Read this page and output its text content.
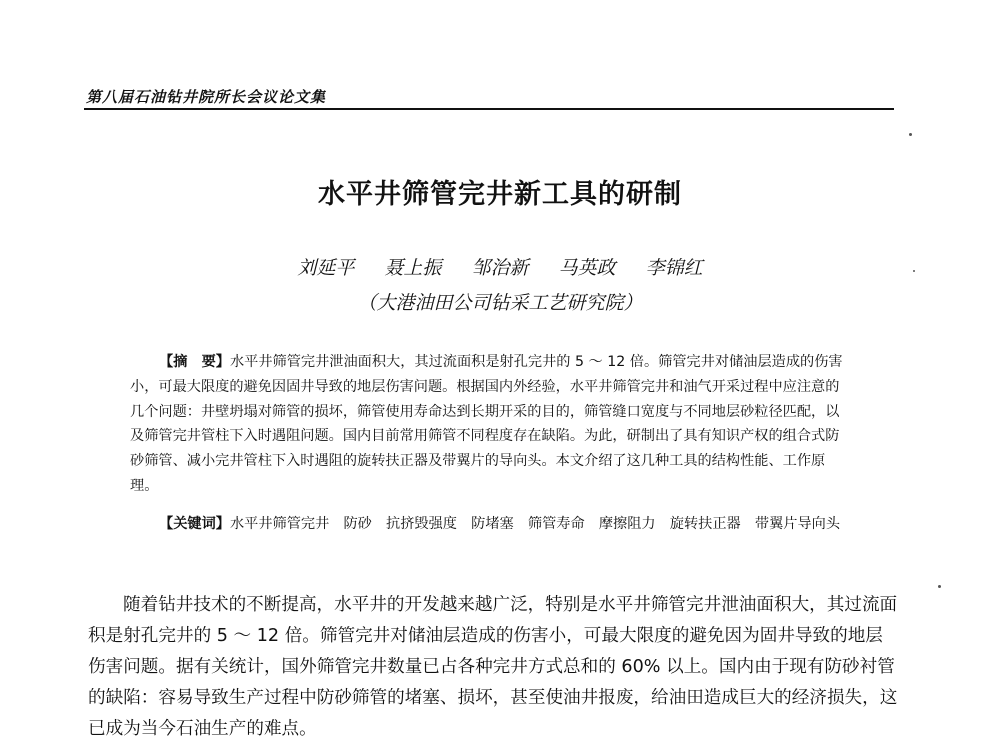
第八届石油钻井院所长会议论文集
水平井筛管完井新工具的研制
刘延平 聂上振 邹治新 马英政 李锦红
（大港油田公司钻采工艺研究院）

【摘　要】水平井筛管完井泄油面积大，其过流面积是射孔完井的 5 ～ 12 倍。筛管完井对储油层造成的伤害小，可最大限度的避免因固井导致的地层伤害问题。根据国内外经验，水平井筛管完井和油气开采过程中应注意的几个问题：井壁坍塌对筛管的损坏，筛管使用寿命达到长期开采的目的，筛管缝口宽度与不同地层砂粒径匹配，以及筛管完井管柱下入时遇阻问题。国内目前常用筛管不同程度存在缺陷。为此，研制出了具有知识产权的组合式防砂筛管、减小完井管柱下入时遇阻的旋转扶正器及带翼片的导向头。本文介绍了这几种工具的结构性能、工作原理。

【关键词】水平井筛管完井　防砂　抗挤毁强度　防堵塞　筛管寿命　摩擦阻力　旋转扶正器　带翼片导向头

随着钻井技术的不断提高，水平井的开发越来越广泛，特别是水平井筛管完井泄油面积大，其过流面积是射孔完井的 5 ～ 12 倍。筛管完井对储油层造成的伤害小，可最大限度的避免因为固井导致的地层伤害问题。据有关统计，国外筛管完井数量已占各种完井方式总和的 60% 以上。国内由于现有防砂衬管的缺陷：容易导致生产过程中防砂筛管的堵塞、损坏，甚至使油井报废，给油田造成巨大的经济损失，这已成为当今石油生产的难点。
